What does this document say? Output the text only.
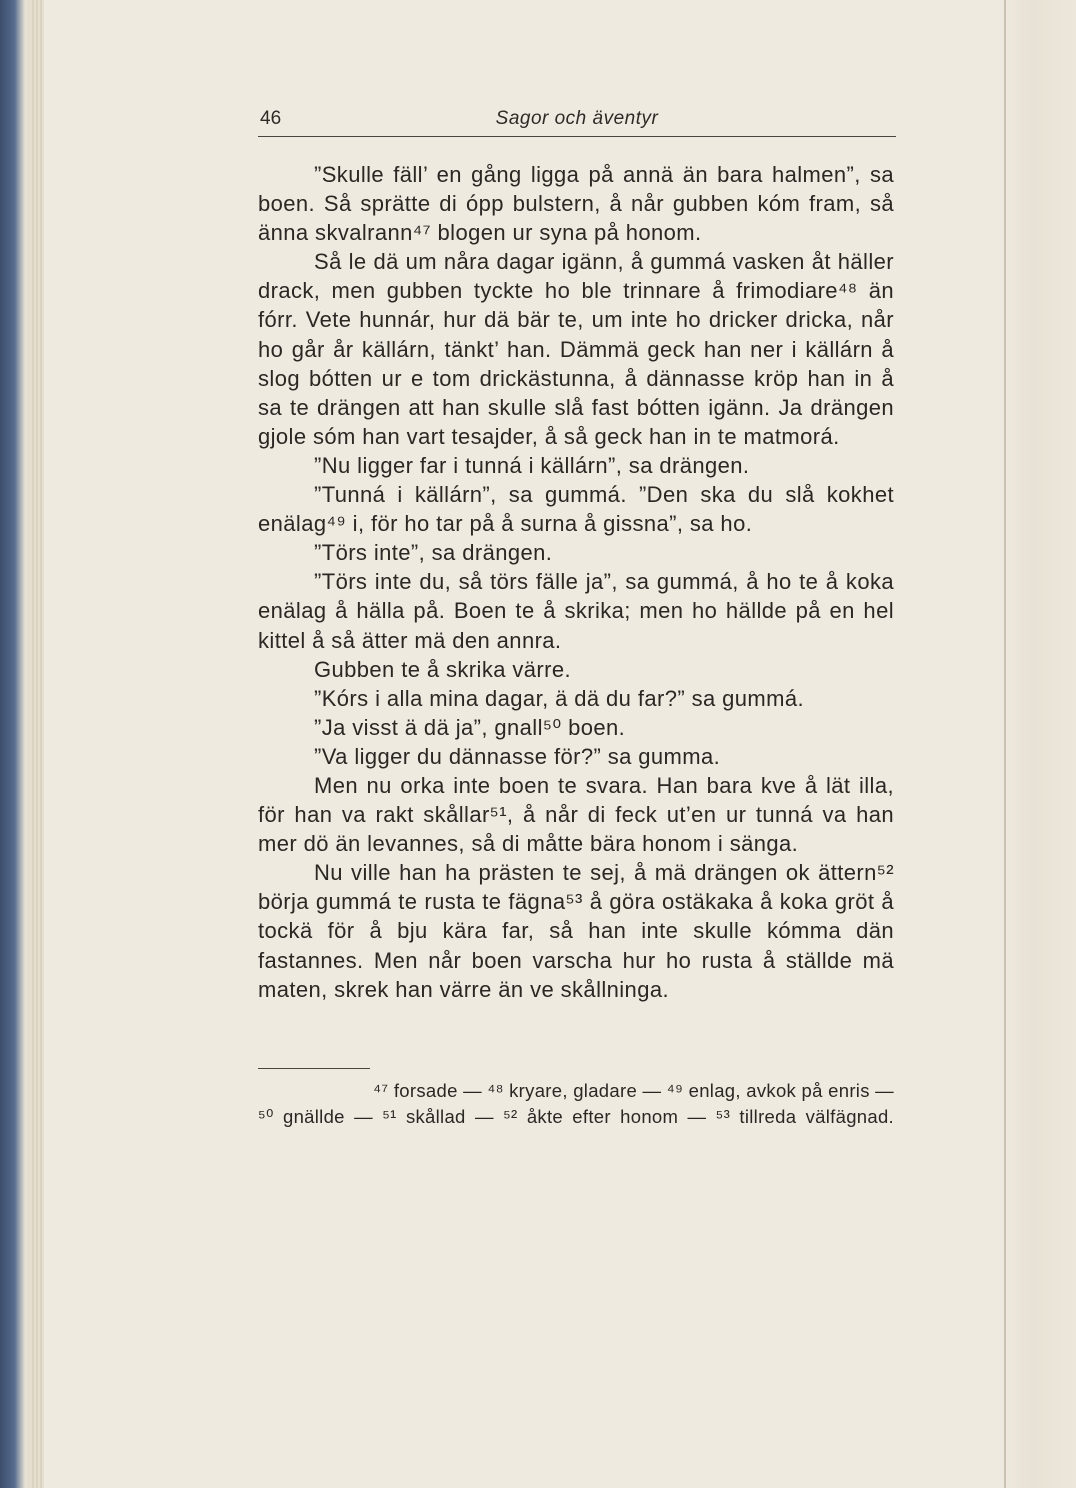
46	Sagor och äventyr

”Skulle fäll’ en gång ligga på annä än bara halmen”, sa boen. Så sprätte di ópp bulstern, å når gubben kóm fram, så änna skvalrann⁴⁷ blogen ur syna på honom.

Så le dä um nåra dagar igänn, å gummá vasken åt häller drack, men gubben tyckte ho ble trinnare å frimodiare⁴⁸ än fórr. Vete hunnár, hur dä bär te, um inte ho dricker dricka, når ho går år källárn, tänkt’ han. Dämmä geck han ner i källárn å slog bótten ur e tom drickästunna, å dännasse kröp han in å sa te drängen att han skulle slå fast bótten igänn. Ja drängen gjole sóm han vart tesajder, å så geck han in te matmorá.

”Nu ligger far i tunná i källárn”, sa drängen.

”Tunná i källárn”, sa gummá. ”Den ska du slå kokhet enälag⁴⁹ i, för ho tar på å surna å gissna”, sa ho.

”Törs inte”, sa drängen.

”Törs inte du, så törs fälle ja”, sa gummá, å ho te å koka enälag å hälla på. Boen te å skrika; men ho hällde på en hel kittel å så ätter mä den annra.

Gubben te å skrika värre.

”Kórs i alla mina dagar, ä dä du far?” sa gummá.

”Ja visst ä dä ja”, gnall⁵⁰ boen.

”Va ligger du dännasse för?” sa gumma.

Men nu orka inte boen te svara. Han bara kve å lät illa, för han va rakt skållar⁵¹, å når di feck ut’en ur tunná va han mer dö än levannes, så di måtte bära honom i sänga.

Nu ville han ha prästen te sej, å mä drängen ok ättern⁵² börja gummá te rusta te fägna⁵³ å göra ostäkaka å koka gröt å tockä för å bju kära far, så han inte skulle kómma dän fastannes. Men når boen varscha hur ho rusta å ställde mä maten, skrek han värre än ve skållninga.

⁴⁷ forsade — ⁴⁸ kryare, gladare — ⁴⁹ enlag, avkok på enris —
⁵⁰ gnällde — ⁵¹ skållad — ⁵² åkte efter honom — ⁵³ tillreda välfägnad.
